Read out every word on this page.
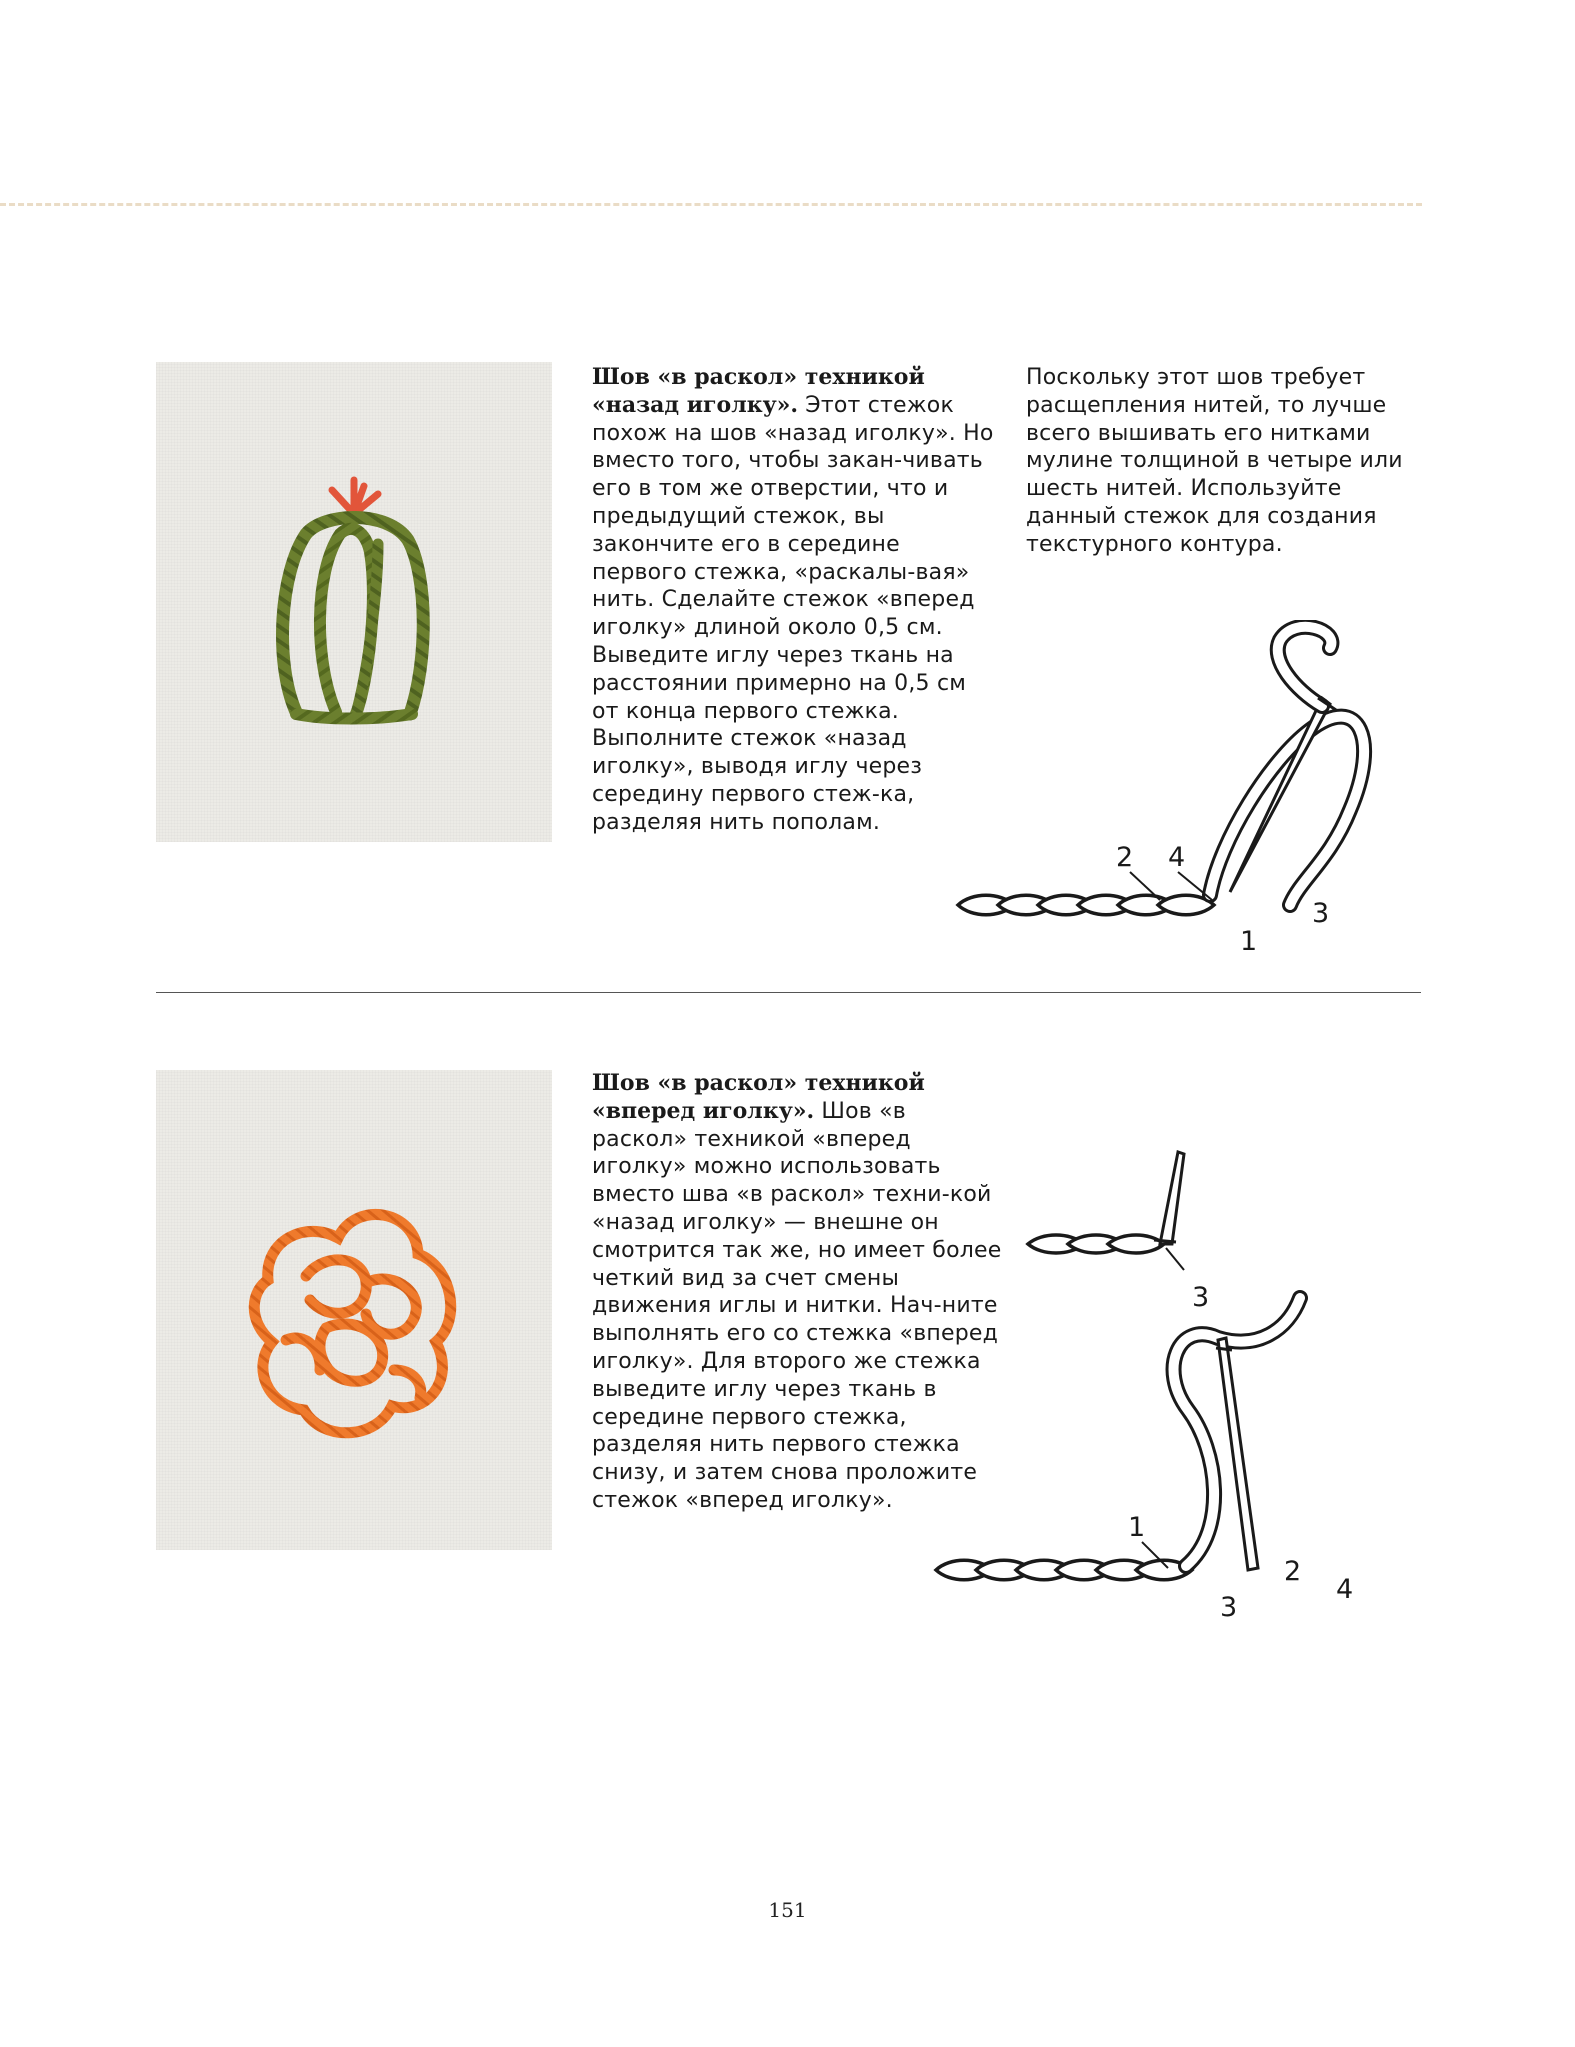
Шов «в раскол» техникой «назад иголку». Этот стежок похож на шов «назад иголку». Но вместо того, чтобы закан-чивать его в том же отверстии, что и предыдущий стежок, вы закончите его в середине первого стежка, «раскалы-вая» нить. Сделайте стежок «вперед иголку» длиной около 0,5 см. Выведите иглу через ткань на расстоянии примерно на 0,5 см от конца первого стежка. Выполните стежок «назад иголку», выводя иглу через середину первого стеж-ка, разделяя нить пополам.
Поскольку этот шов требует расщепления нитей, то лучше всего вышивать его нитками мулине толщиной в четыре или шесть нитей. Используйте данный стежок для создания текстурного контура.
2 4
1
3
Шов «в раскол» техникой «вперед иголку». Шов «в раскол» техникой «вперед иголку» можно использовать вместо шва «в раскол» техни-кой «назад иголку» — внешне он смотрится так же, но имеет более четкий вид за счет смены движения иглы и нитки. Нач-ните выполнять его со стежка «вперед иголку». Для второго же стежка выведите иглу через ткань в середине первого стежка, разделяя нить первого стежка снизу, и затем снова проложите стежок «вперед иголку».
3
1
2
3
4
151
